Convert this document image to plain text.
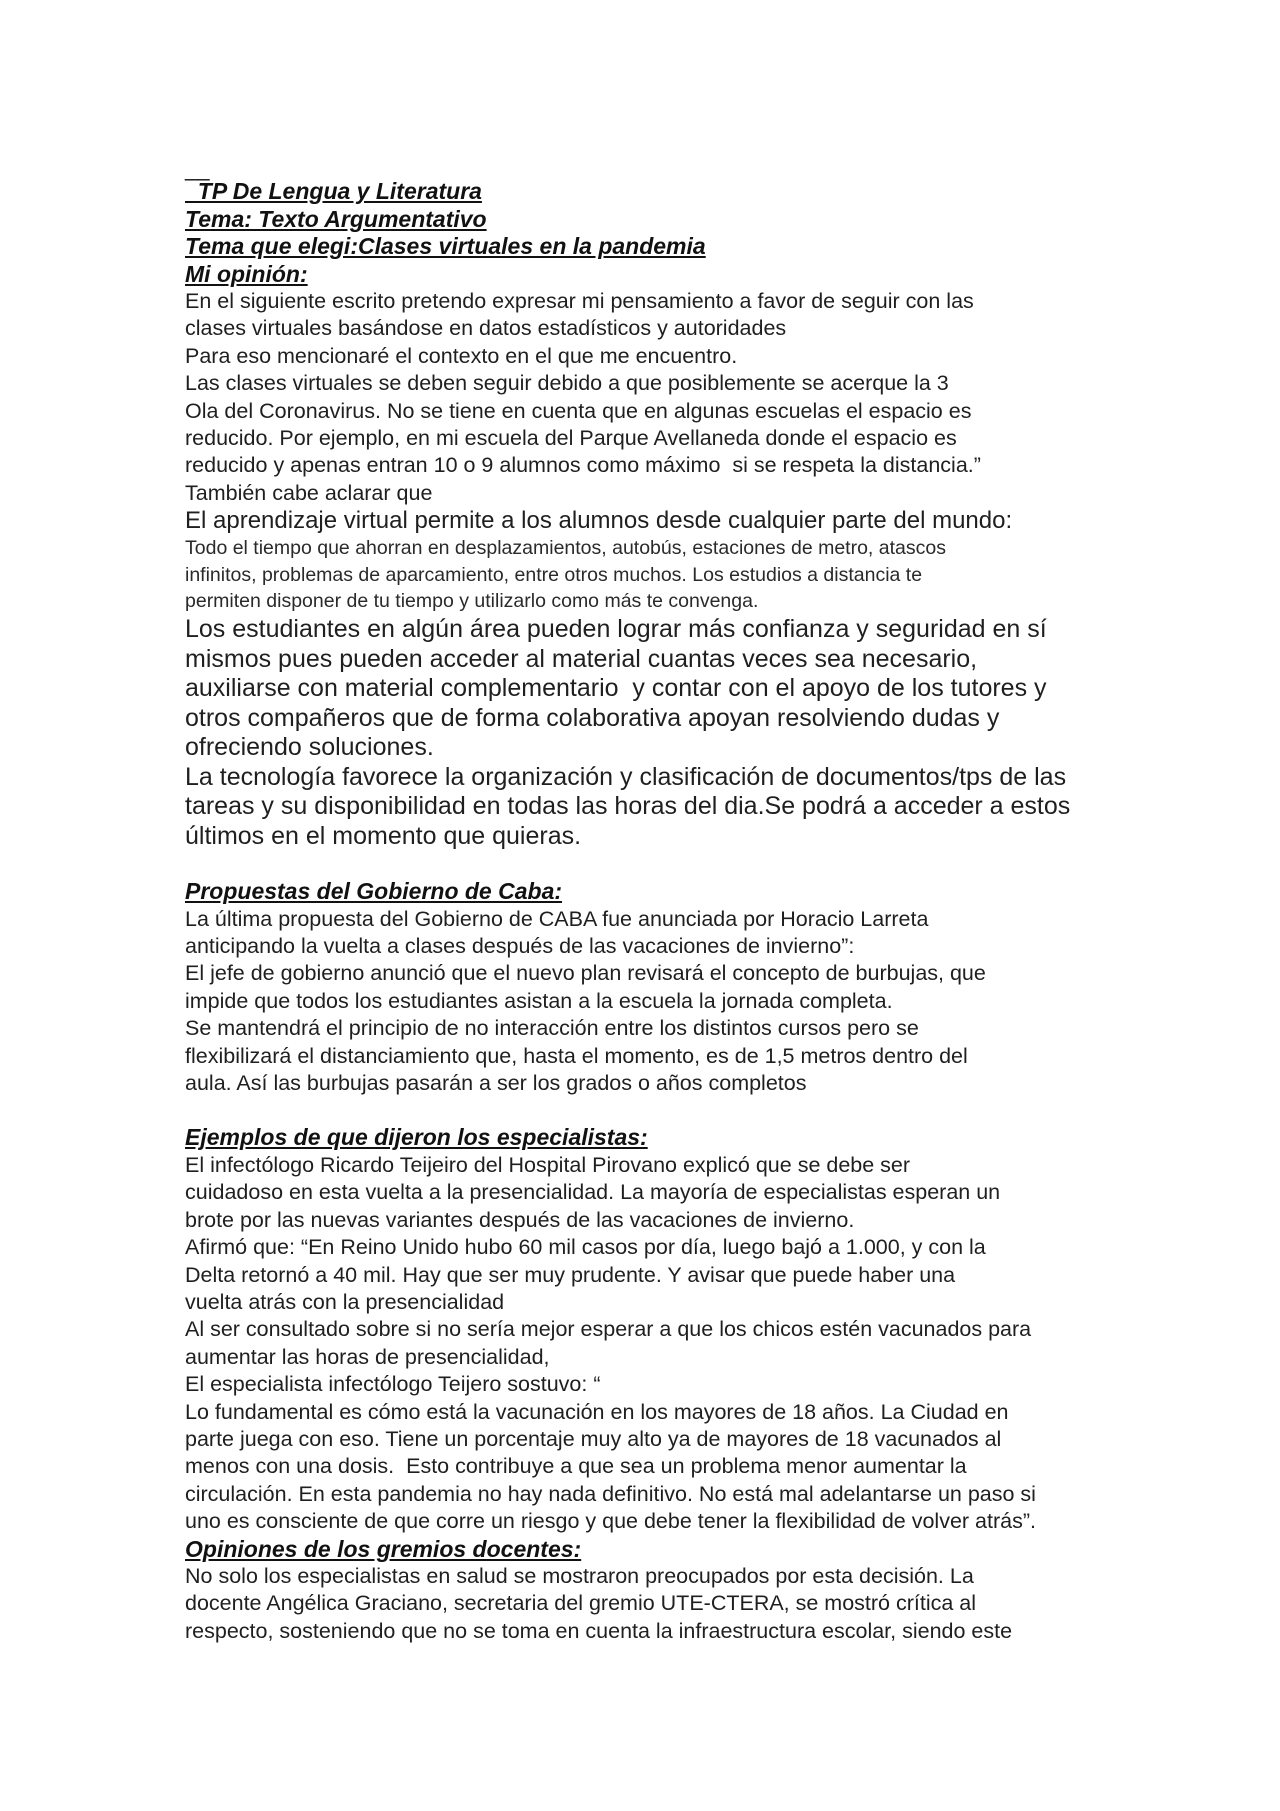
__
TP De Lengua y Literatura
Tema: Texto Argumentativo
Tema que elegi:Clases virtuales en la pandemia
Mi opinión:
En el siguiente escrito pretendo expresar mi pensamiento a favor de seguir con las
clases virtuales basándose en datos estadísticos y autoridades
Para eso mencionaré el contexto en el que me encuentro.
Las clases virtuales se deben seguir debido a que posiblemente se acerque la 3
Ola del Coronavirus. No se tiene en cuenta que en algunas escuelas el espacio es
reducido. Por ejemplo, en mi escuela del Parque Avellaneda donde el espacio es
reducido y apenas entran 10 o 9 alumnos como máximo  si se respeta la distancia.”
También cabe aclarar que
El aprendizaje virtual permite a los alumnos desde cualquier parte del mundo:
Todo el tiempo que ahorran en desplazamientos, autobús, estaciones de metro, atascos
infinitos, problemas de aparcamiento, entre otros muchos. Los estudios a distancia te
permiten disponer de tu tiempo y utilizarlo como más te convenga.
Los estudiantes en algún área pueden lograr más confianza y seguridad en sí
mismos pues pueden acceder al material cuantas veces sea necesario,
auxiliarse con material complementario  y contar con el apoyo de los tutores y
otros compañeros que de forma colaborativa apoyan resolviendo dudas y
ofreciendo soluciones.
La tecnología favorece la organización y clasificación de documentos/tps de las
tareas y su disponibilidad en todas las horas del dia.Se podrá a acceder a estos
últimos en el momento que quieras.
Propuestas del Gobierno de Caba:
La última propuesta del Gobierno de CABA fue anunciada por Horacio Larreta
anticipando la vuelta a clases después de las vacaciones de invierno”:
El jefe de gobierno anunció que el nuevo plan revisará el concepto de burbujas, que
impide que todos los estudiantes asistan a la escuela la jornada completa.
Se mantendrá el principio de no interacción entre los distintos cursos pero se
flexibilizará el distanciamiento que, hasta el momento, es de 1,5 metros dentro del
aula. Así las burbujas pasarán a ser los grados o años completos
Ejemplos de que dijeron los especialistas:
El infectólogo Ricardo Teijeiro del Hospital Pirovano explicó que se debe ser
cuidadoso en esta vuelta a la presencialidad. La mayoría de especialistas esperan un
brote por las nuevas variantes después de las vacaciones de invierno.
Afirmó que: “En Reino Unido hubo 60 mil casos por día, luego bajó a 1.000, y con la
Delta retornó a 40 mil. Hay que ser muy prudente. Y avisar que puede haber una
vuelta atrás con la presencialidad
Al ser consultado sobre si no sería mejor esperar a que los chicos estén vacunados para
aumentar las horas de presencialidad,
El especialista infectólogo Teijero sostuvo: “
Lo fundamental es cómo está la vacunación en los mayores de 18 años. La Ciudad en
parte juega con eso. Tiene un porcentaje muy alto ya de mayores de 18 vacunados al
menos con una dosis.  Esto contribuye a que sea un problema menor aumentar la
circulación. En esta pandemia no hay nada definitivo. No está mal adelantarse un paso si
uno es consciente de que corre un riesgo y que debe tener la flexibilidad de volver atrás”.
Opiniones de los gremios docentes:
No solo los especialistas en salud se mostraron preocupados por esta decisión. La
docente Angélica Graciano, secretaria del gremio UTE-CTERA, se mostró crítica al
respecto, sosteniendo que no se toma en cuenta la infraestructura escolar, siendo este
